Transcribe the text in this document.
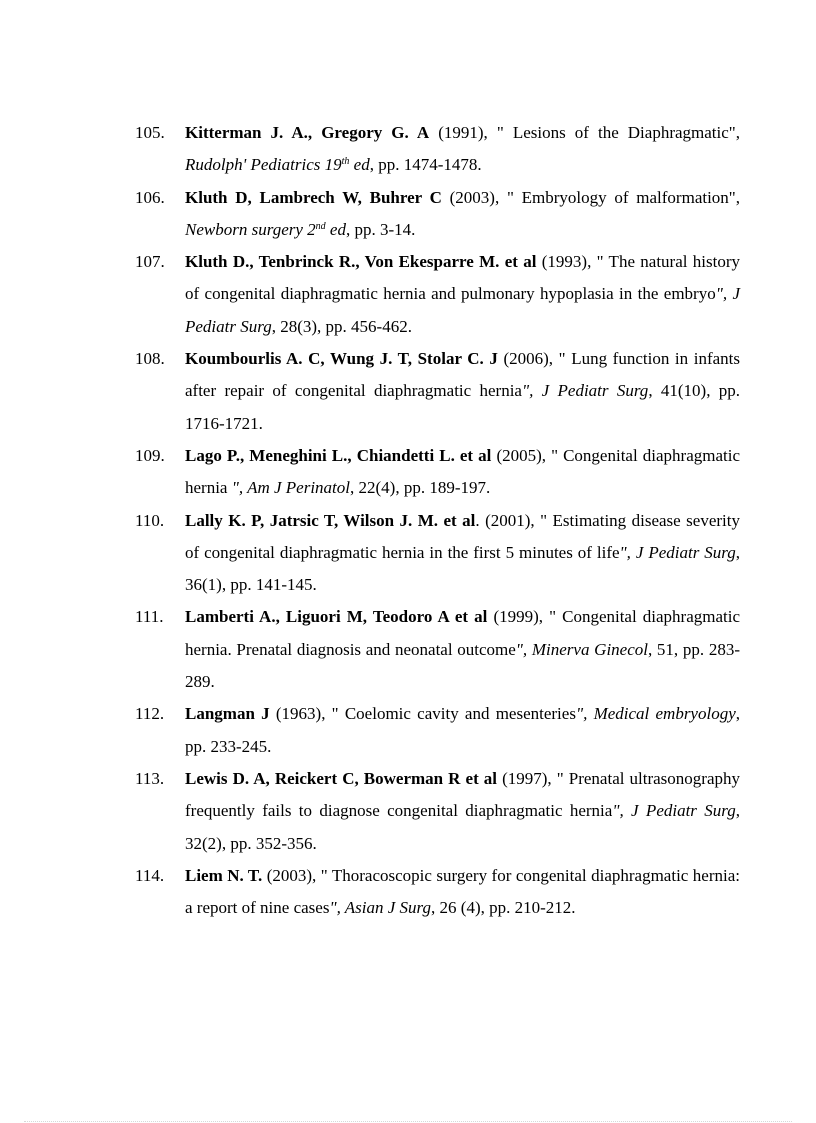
105.	Kitterman J. A., Gregory G. A (1991), " Lesions of the Diaphragmatic", Rudolph' Pediatrics 19th ed, pp. 1474-1478.
106.	Kluth D, Lambrech W, Buhrer C (2003), " Embryology of malformation", Newborn surgery 2nd ed, pp. 3-14.
107.	Kluth D., Tenbrinck R., Von Ekesparre M. et al (1993), " The natural history of congenital diaphragmatic hernia and pulmonary hypoplasia in the embryo", J Pediatr Surg, 28(3), pp. 456-462.
108.	Koumbourlis A. C, Wung J. T, Stolar C. J (2006), " Lung function in infants after repair of congenital diaphragmatic hernia", J Pediatr Surg, 41(10), pp. 1716-1721.
109.	Lago P., Meneghini L., Chiandetti L. et al (2005), " Congenital diaphragmatic hernia ", Am J Perinatol, 22(4), pp. 189-197.
110.	Lally K. P, Jatrsic T, Wilson J. M. et al. (2001), " Estimating disease severity of congenital diaphragmatic hernia in the first 5 minutes of life", J Pediatr Surg, 36(1), pp. 141-145.
111.	Lamberti A., Liguori M, Teodoro A et al (1999), " Congenital diaphragmatic hernia. Prenatal diagnosis and neonatal outcome", Minerva Ginecol, 51, pp. 283-289.
112.	Langman J (1963), " Coelomic cavity and mesenteries", Medical embryology, pp. 233-245.
113.	Lewis D. A, Reickert C, Bowerman R et al (1997), " Prenatal ultrasonography frequently fails to diagnose congenital diaphragmatic hernia", J Pediatr Surg, 32(2), pp. 352-356.
114.	Liem N. T. (2003), " Thoracoscopic surgery for congenital diaphragmatic hernia: a report of nine cases", Asian J Surg, 26 (4), pp. 210-212.
